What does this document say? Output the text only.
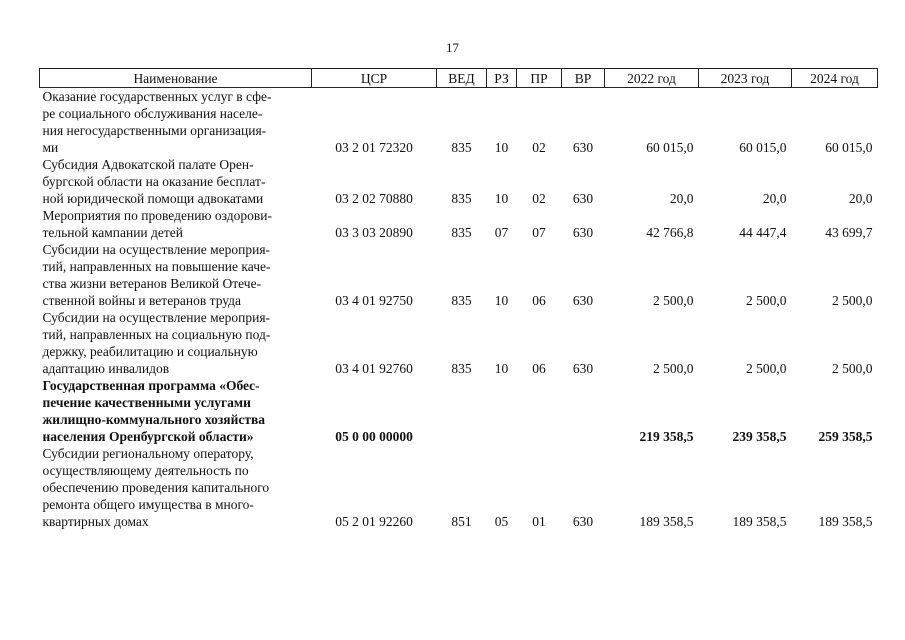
17
Наименование	ЦСР	ВЕД	РЗ	ПР	ВР	2022 год	2023 год	2024 год
Оказание государственных услуг в сфе-
ре социального обслуживания населе-
ния негосударственными организация-
ми	03 2 01 72320	835	10	02	630	60 015,0	60 015,0	60 015,0
Субсидия Адвокатской палате Орен-
бургской области на оказание бесплат-
ной юридической помощи адвокатами	03 2 02 70880	835	10	02	630	20,0	20,0	20,0
Мероприятия по проведению оздорови-
тельной кампании детей	03 3 03 20890	835	07	07	630	42 766,8	44 447,4	43 699,7
Субсидии на осуществление мероприя-
тий, направленных на повышение каче-
ства жизни ветеранов Великой Отече-
ственной войны и ветеранов труда	03 4 01 92750	835	10	06	630	2 500,0	2 500,0	2 500,0
Субсидии на осуществление мероприя-
тий, направленных на социальную под-
держку, реабилитацию и социальную
адаптацию инвалидов	03 4 01 92760	835	10	06	630	2 500,0	2 500,0	2 500,0
Государственная программа «Обес-
печение качественными услугами
жилищно-коммунального хозяйства
населения Оренбургской области»	05 0 00 00000					219 358,5	239 358,5	259 358,5
Субсидии региональному оператору,
осуществляющему деятельность по
обеспечению проведения капитального
ремонта общего имущества в много-
квартирных домах	05 2 01 92260	851	05	01	630	189 358,5	189 358,5	189 358,5
